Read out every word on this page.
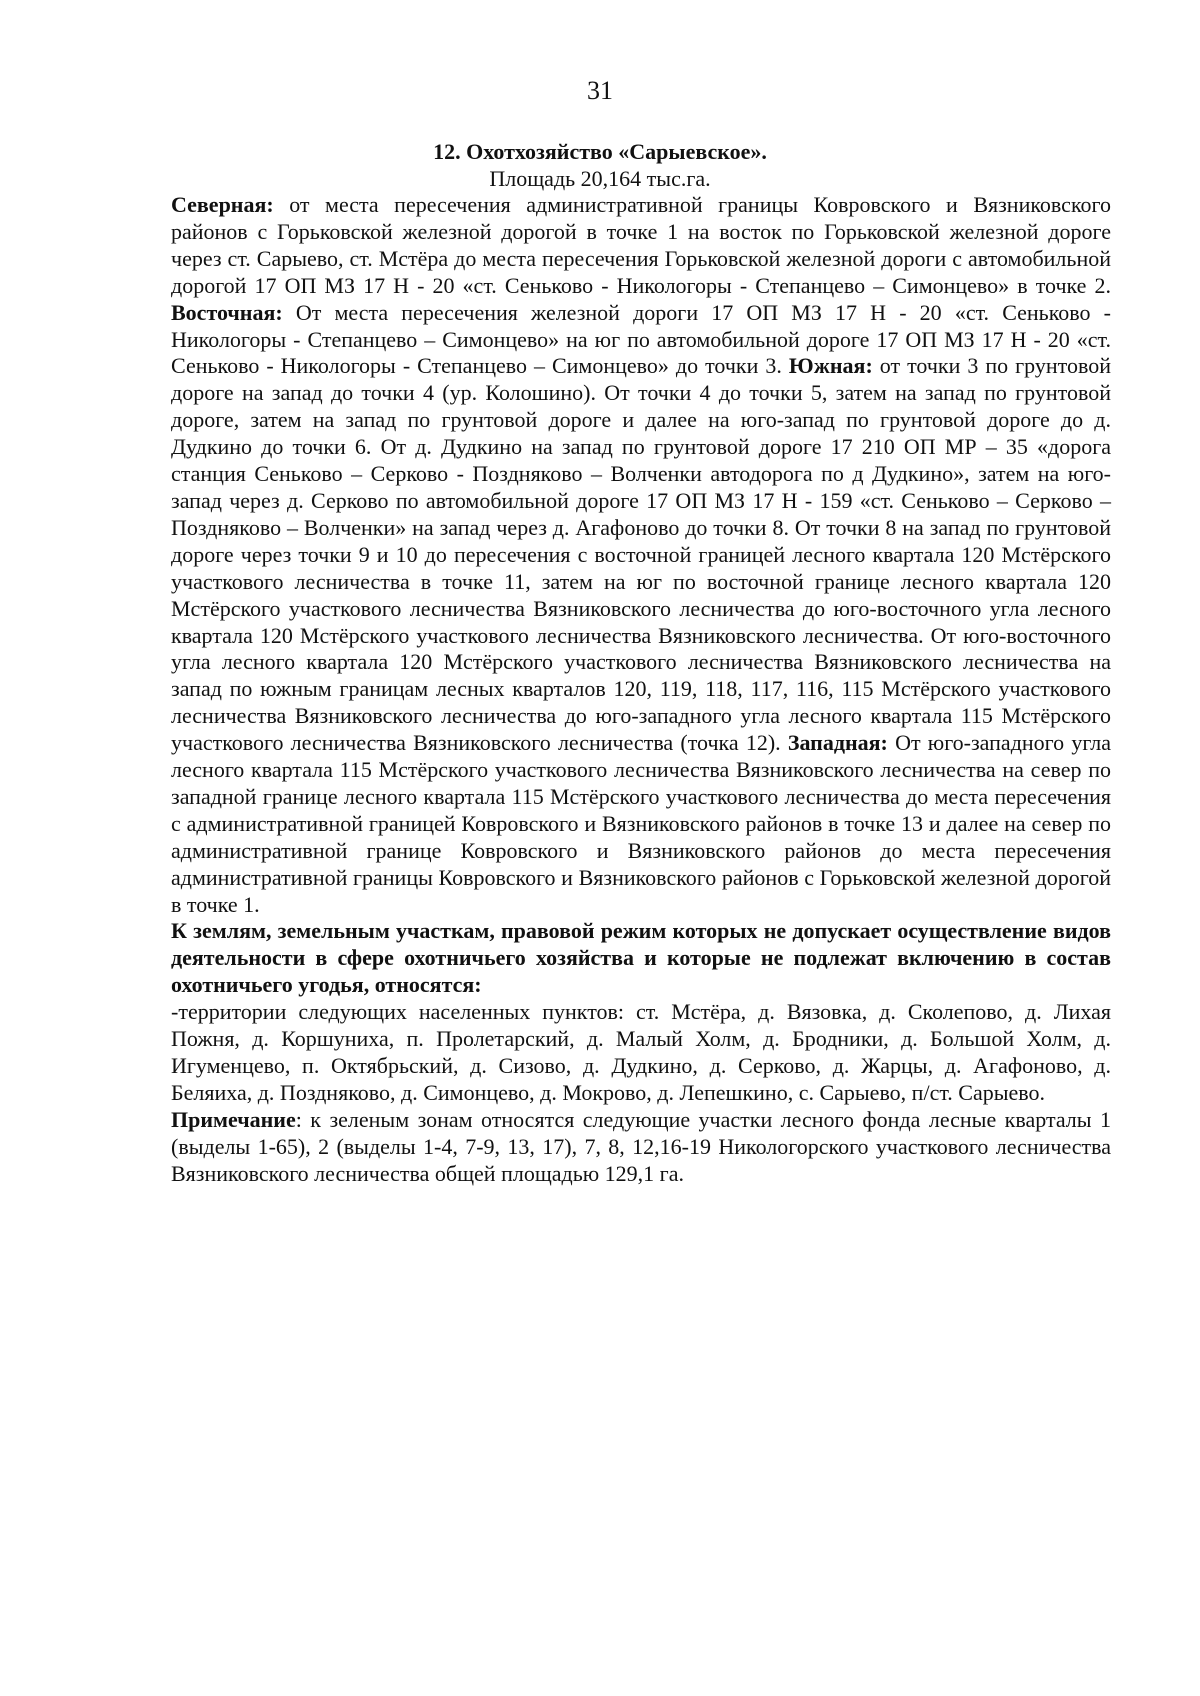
31
12. Охотхозяйство «Сарыевское».
Площадь 20,164 тыс.га.

Северная: от места пересечения административной границы Ковровского и Вязниковского районов с Горьковской железной дорогой в точке 1 на восток по Горьковской железной дороге через ст. Сарыево, ст. Мстёра до места пересечения Горьковской железной дороги с автомобильной дорогой 17 ОП МЗ 17 Н - 20 «ст. Сеньково - Никологоры - Степанцево – Симонцево» в точке 2. Восточная: От места пересечения железной дороги 17 ОП МЗ 17 Н - 20 «ст. Сеньково - Никологоры - Степанцево – Симонцево» на юг по автомобильной дороге 17 ОП МЗ 17 Н - 20 «ст. Сеньково - Никологоры - Степанцево – Симонцево» до точки 3. Южная: от точки 3 по грунтовой дороге на запад до точки 4 (ур. Колошино). От точки 4 до точки 5, затем на запад по грунтовой дороге, затем на запад по грунтовой дороге и далее на юго-запад по грунтовой дороге до д. Дудкино до точки 6. От д. Дудкино на запад по грунтовой дороге 17 210 ОП МР – 35 «дорога станция Сеньково – Серково - Поздняково – Волченки автодорога по д Дудкино», затем на юго-запад через д. Серково по автомобильной дороге 17 ОП МЗ 17 Н - 159 «ст. Сеньково – Серково – Поздняково – Волченки» на запад через д. Агафоново до точки 8. От точки 8 на запад по грунтовой дороге через точки 9 и 10 до пересечения с восточной границей лесного квартала 120 Мстёрского участкового лесничества в точке 11, затем на юг по восточной границе лесного квартала 120 Мстёрского участкового лесничества Вязниковского лесничества до юго-восточного угла лесного квартала 120 Мстёрского участкового лесничества Вязниковского лесничества. От юго-восточного угла лесного квартала 120 Мстёрского участкового лесничества Вязниковского лесничества на запад по южным границам лесных кварталов 120, 119, 118, 117, 116, 115 Мстёрского участкового лесничества Вязниковского лесничества до юго-западного угла лесного квартала 115 Мстёрского участкового лесничества Вязниковского лесничества (точка 12). Западная: От юго-западного угла лесного квартала 115 Мстёрского участкового лесничества Вязниковского лесничества на север по западной границе лесного квартала 115 Мстёрского участкового лесничества до места пересечения с административной границей Ковровского и Вязниковского районов в точке 13 и далее на север по административной границе Ковровского и Вязниковского районов до места пересечения административной границы Ковровского и Вязниковского районов с Горьковской железной дорогой в точке 1.

К землям, земельным участкам, правовой режим которых не допускает осуществление видов деятельности в сфере охотничьего хозяйства и которые не подлежат включению в состав охотничьего угодья, относятся:

-территории следующих населенных пунктов: ст. Мстёра, д. Вязовка, д. Сколепово, д. Лихая Пожня, д. Коршуниха, п. Пролетарский, д. Малый Холм, д. Бродники, д. Большой Холм, д. Игуменцево, п. Октябрьский, д. Сизово, д. Дудкино, д. Серково, д. Жарцы, д. Агафоново, д. Беляиха, д. Поздняково, д. Симонцево, д. Мокрово, д. Лепешкино, с. Сарыево, п/ст. Сарыево.

Примечание: к зеленым зонам относятся следующие участки лесного фонда лесные кварталы 1 (выделы 1-65), 2 (выделы 1-4, 7-9, 13, 17), 7, 8, 12,16-19 Никологорского участкового лесничества Вязниковского лесничества общей площадью 129,1 га.
